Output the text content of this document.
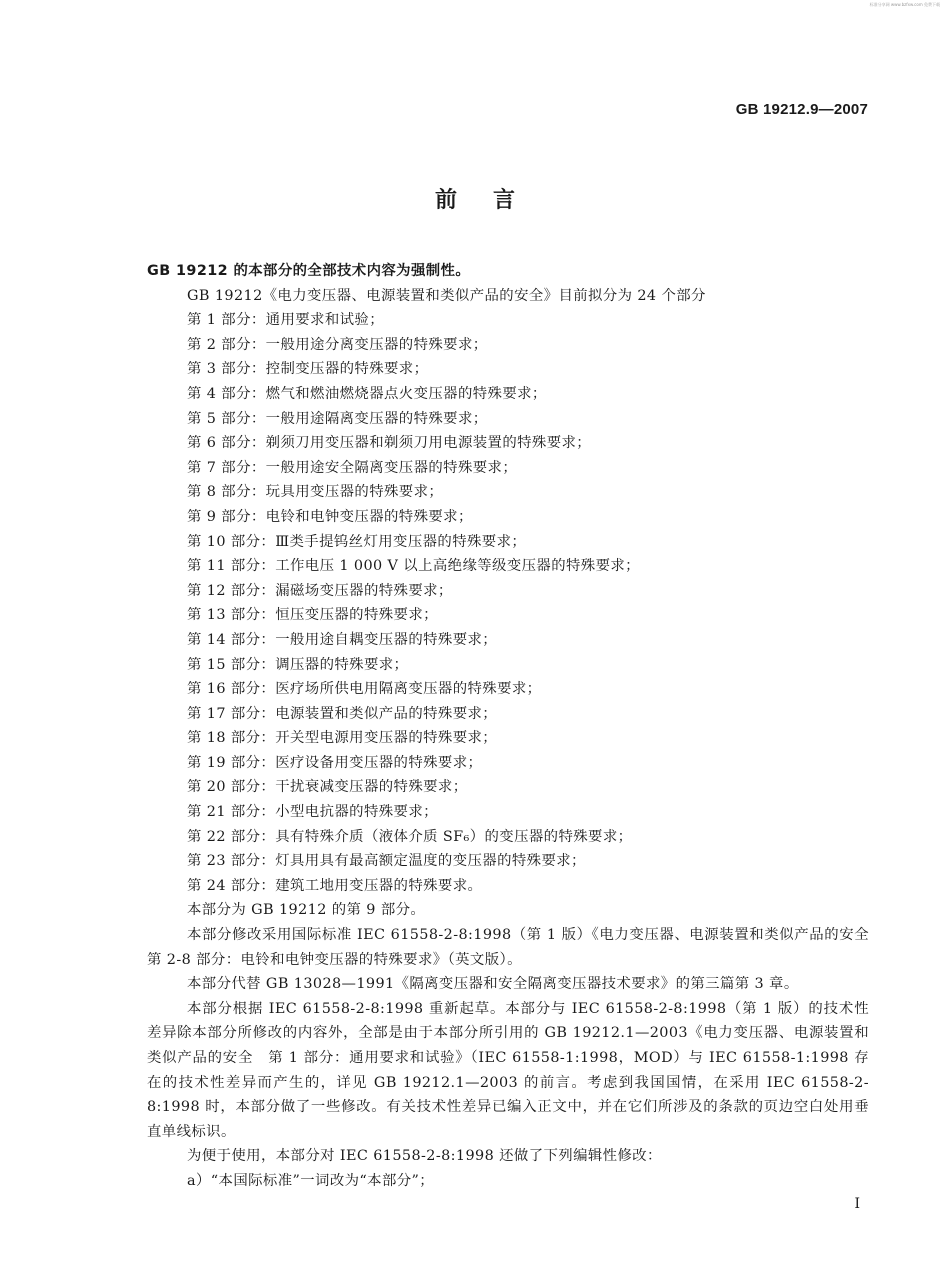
标准分享网 www.bzfxw.com 免费下载
GB 19212.9—2007
前言

GB 19212 的本部分的全部技术内容为强制性。

GB 19212《电力变压器、电源装置和类似产品的安全》目前拟分为 24 个部分

第 1 部分：通用要求和试验；

第 2 部分：一般用途分离变压器的特殊要求；

第 3 部分：控制变压器的特殊要求；

第 4 部分：燃气和燃油燃烧器点火变压器的特殊要求；

第 5 部分：一般用途隔离变压器的特殊要求；

第 6 部分：剃须刀用变压器和剃须刀用电源装置的特殊要求；

第 7 部分：一般用途安全隔离变压器的特殊要求；

第 8 部分：玩具用变压器的特殊要求；

第 9 部分：电铃和电钟变压器的特殊要求；

第 10 部分：Ⅲ类手提钨丝灯用变压器的特殊要求；

第 11 部分：工作电压 1 000 V 以上高绝缘等级变压器的特殊要求；

第 12 部分：漏磁场变压器的特殊要求；

第 13 部分：恒压变压器的特殊要求；

第 14 部分：一般用途自耦变压器的特殊要求；

第 15 部分：调压器的特殊要求；

第 16 部分：医疗场所供电用隔离变压器的特殊要求；

第 17 部分：电源装置和类似产品的特殊要求；

第 18 部分：开关型电源用变压器的特殊要求；

第 19 部分：医疗设备用变压器的特殊要求；

第 20 部分：干扰衰减变压器的特殊要求；

第 21 部分：小型电抗器的特殊要求；

第 22 部分：具有特殊介质（液体介质 SF₆）的变压器的特殊要求；

第 23 部分：灯具用具有最高额定温度的变压器的特殊要求；

第 24 部分：建筑工地用变压器的特殊要求。

本部分为 GB 19212 的第 9 部分。

本部分修改采用国际标准 IEC 61558-2-8:1998（第 1 版）《电力变压器、电源装置和类似产品的安全　第 2-8 部分：电铃和电钟变压器的特殊要求》（英文版）。

本部分代替 GB 13028—1991《隔离变压器和安全隔离变压器技术要求》的第三篇第 3 章。

本部分根据 IEC 61558-2-8:1998 重新起草。本部分与 IEC 61558-2-8:1998（第 1 版）的技术性差异除本部分所修改的内容外，全部是由于本部分所引用的 GB 19212.1—2003《电力变压器、电源装置和类似产品的安全　第 1 部分：通用要求和试验》（IEC 61558-1:1998，MOD）与 IEC 61558-1:1998 存在的技术性差异而产生的，详见 GB 19212.1—2003 的前言。考虑到我国国情，在采用 IEC 61558-2-8:1998 时，本部分做了一些修改。有关技术性差异已编入正文中，并在它们所涉及的条款的页边空白处用垂直单线标识。

为便于使用，本部分对 IEC 61558-2-8:1998 还做了下列编辑性修改：

a）“本国际标准”一词改为“本部分”；

I
